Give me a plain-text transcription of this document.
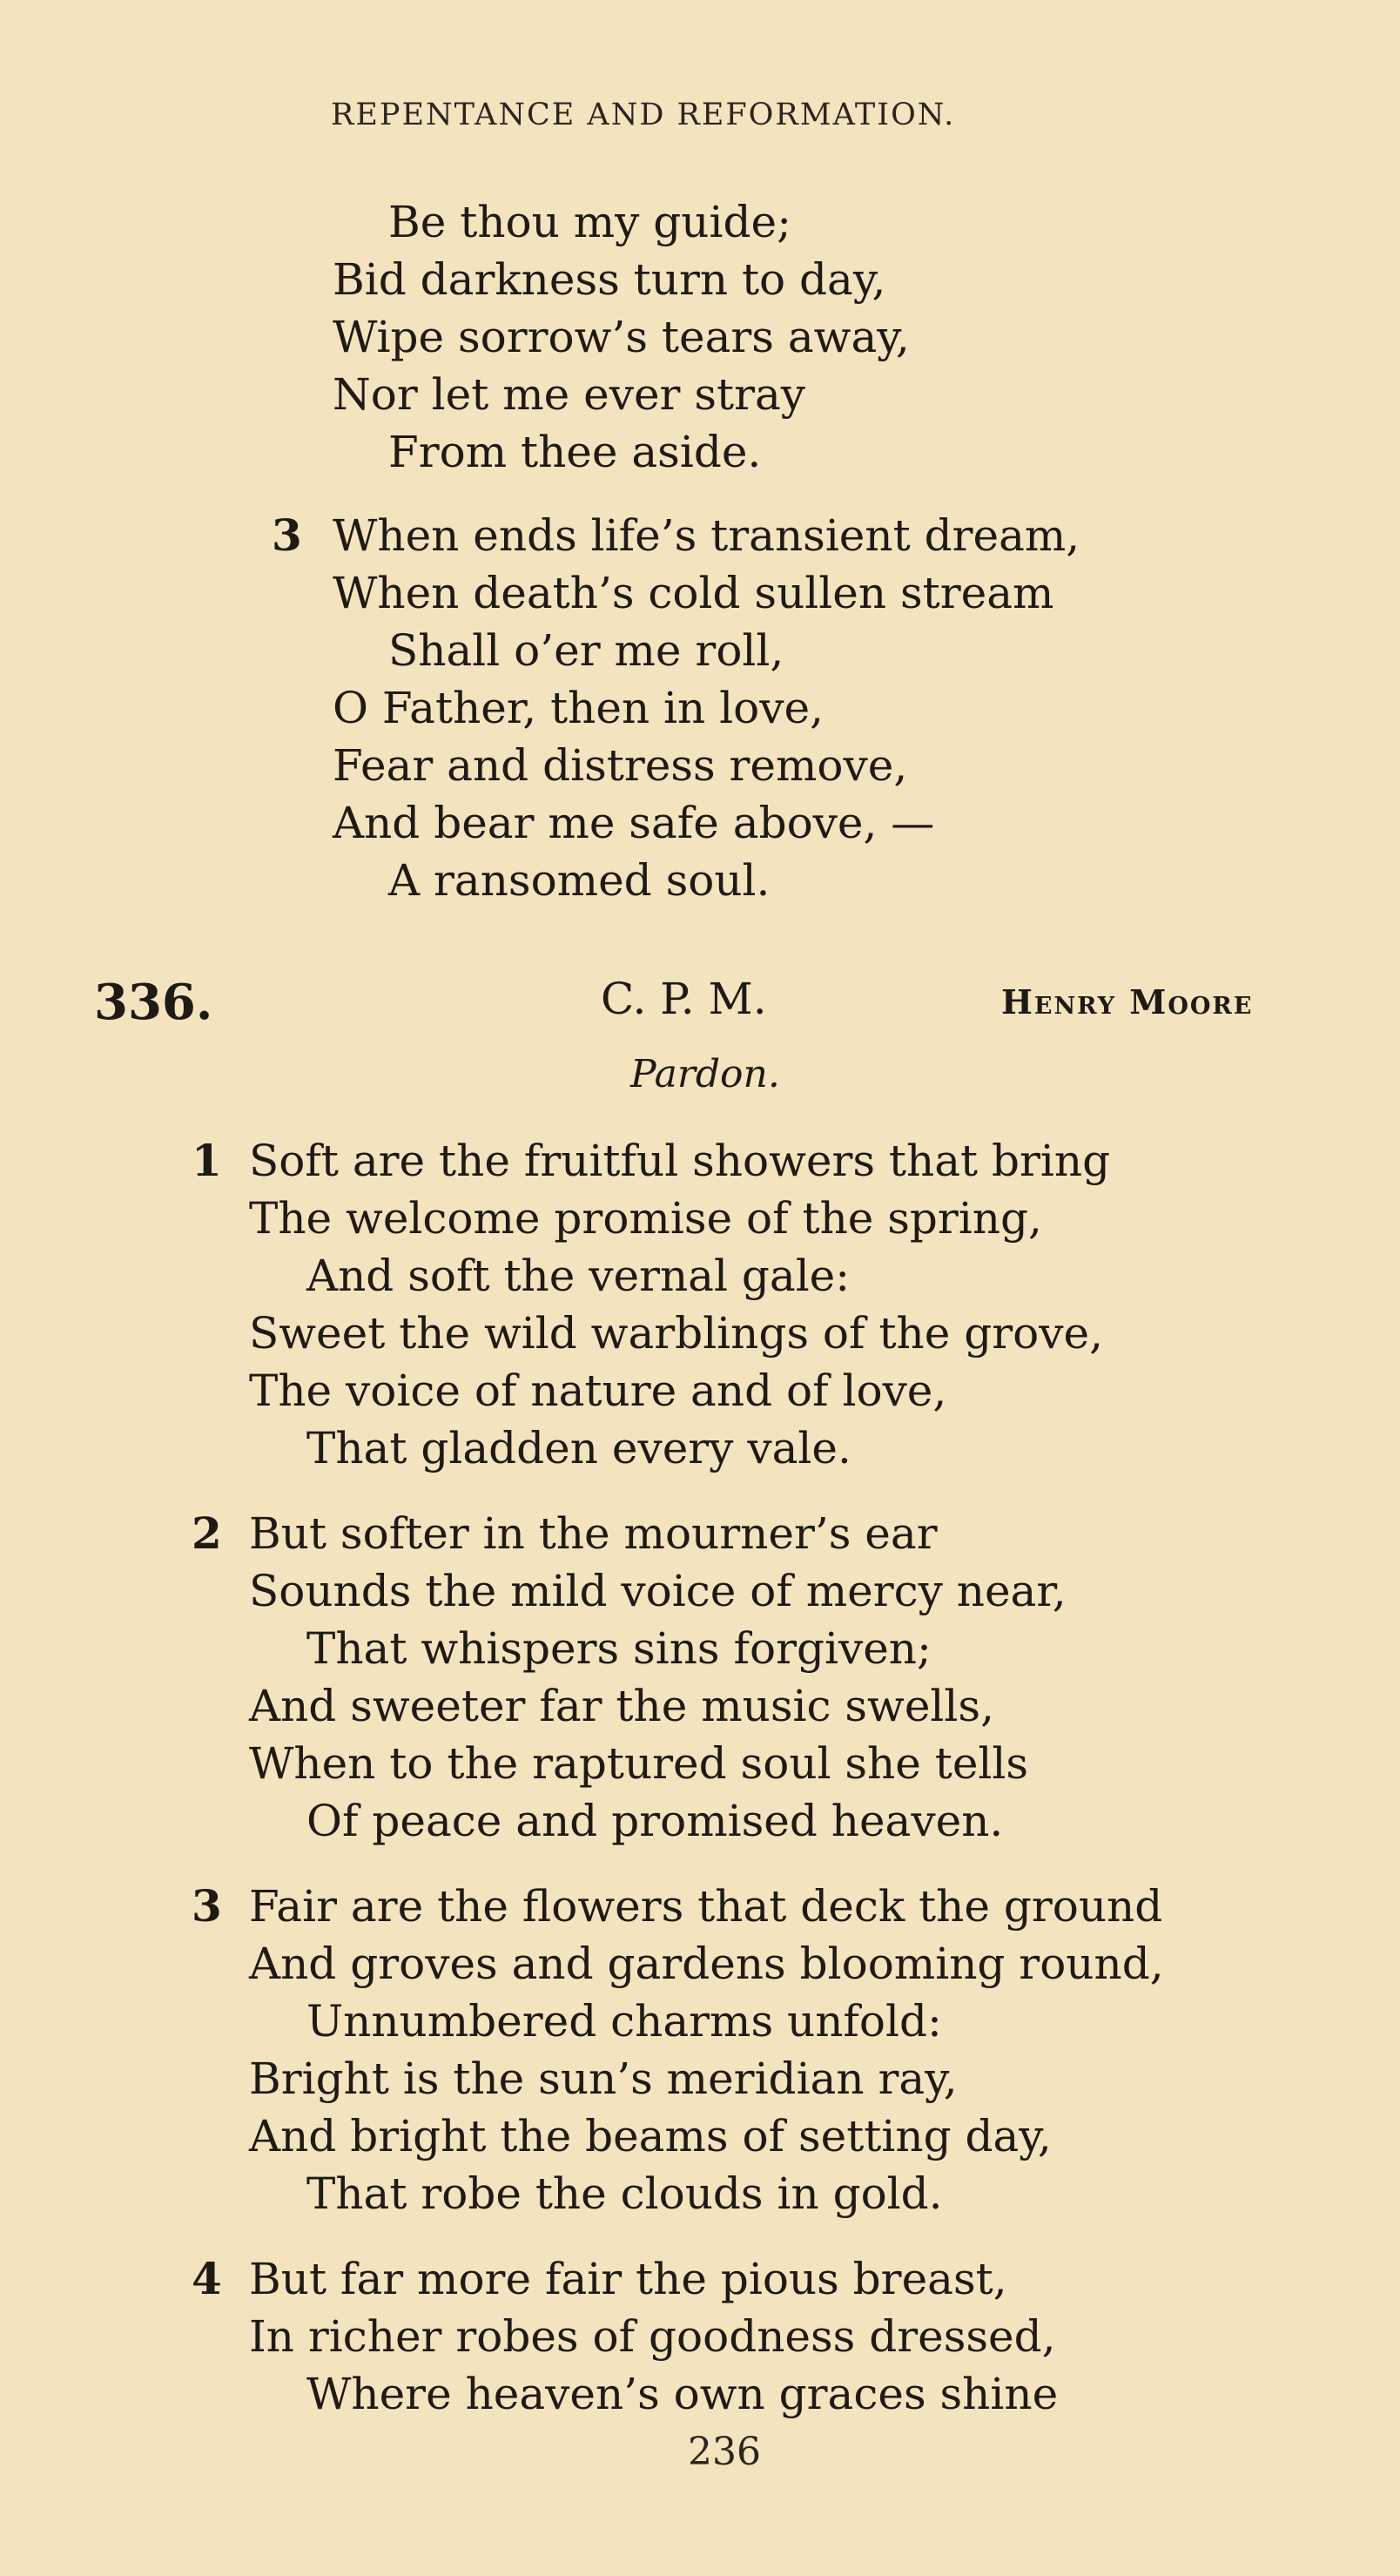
REPENTANCE AND REFORMATION.
Be thou my guide;
Bid darkness turn to day,
Wipe sorrow’s tears away,
Nor let me ever stray
From thee aside.
3 When ends life’s transient dream,
When death’s cold sullen stream
Shall o’er me roll,
O Father, then in love,
Fear and distress remove,
And bear me safe above, —
A ransomed soul.
336.	C. P. M.	Henry Moore
Pardon.
1 Soft are the fruitful showers that bring
The welcome promise of the spring,
And soft the vernal gale:
Sweet the wild warblings of the grove,
The voice of nature and of love,
That gladden every vale.
2 But softer in the mourner’s ear
Sounds the mild voice of mercy near,
That whispers sins forgiven;
And sweeter far the music swells,
When to the raptured soul she tells
Of peace and promised heaven.
3 Fair are the flowers that deck the ground
And groves and gardens blooming round,
Unnumbered charms unfold:
Bright is the sun’s meridian ray,
And bright the beams of setting day,
That robe the clouds in gold.
4 But far more fair the pious breast,
In richer robes of goodness dressed,
Where heaven’s own graces shine
236
